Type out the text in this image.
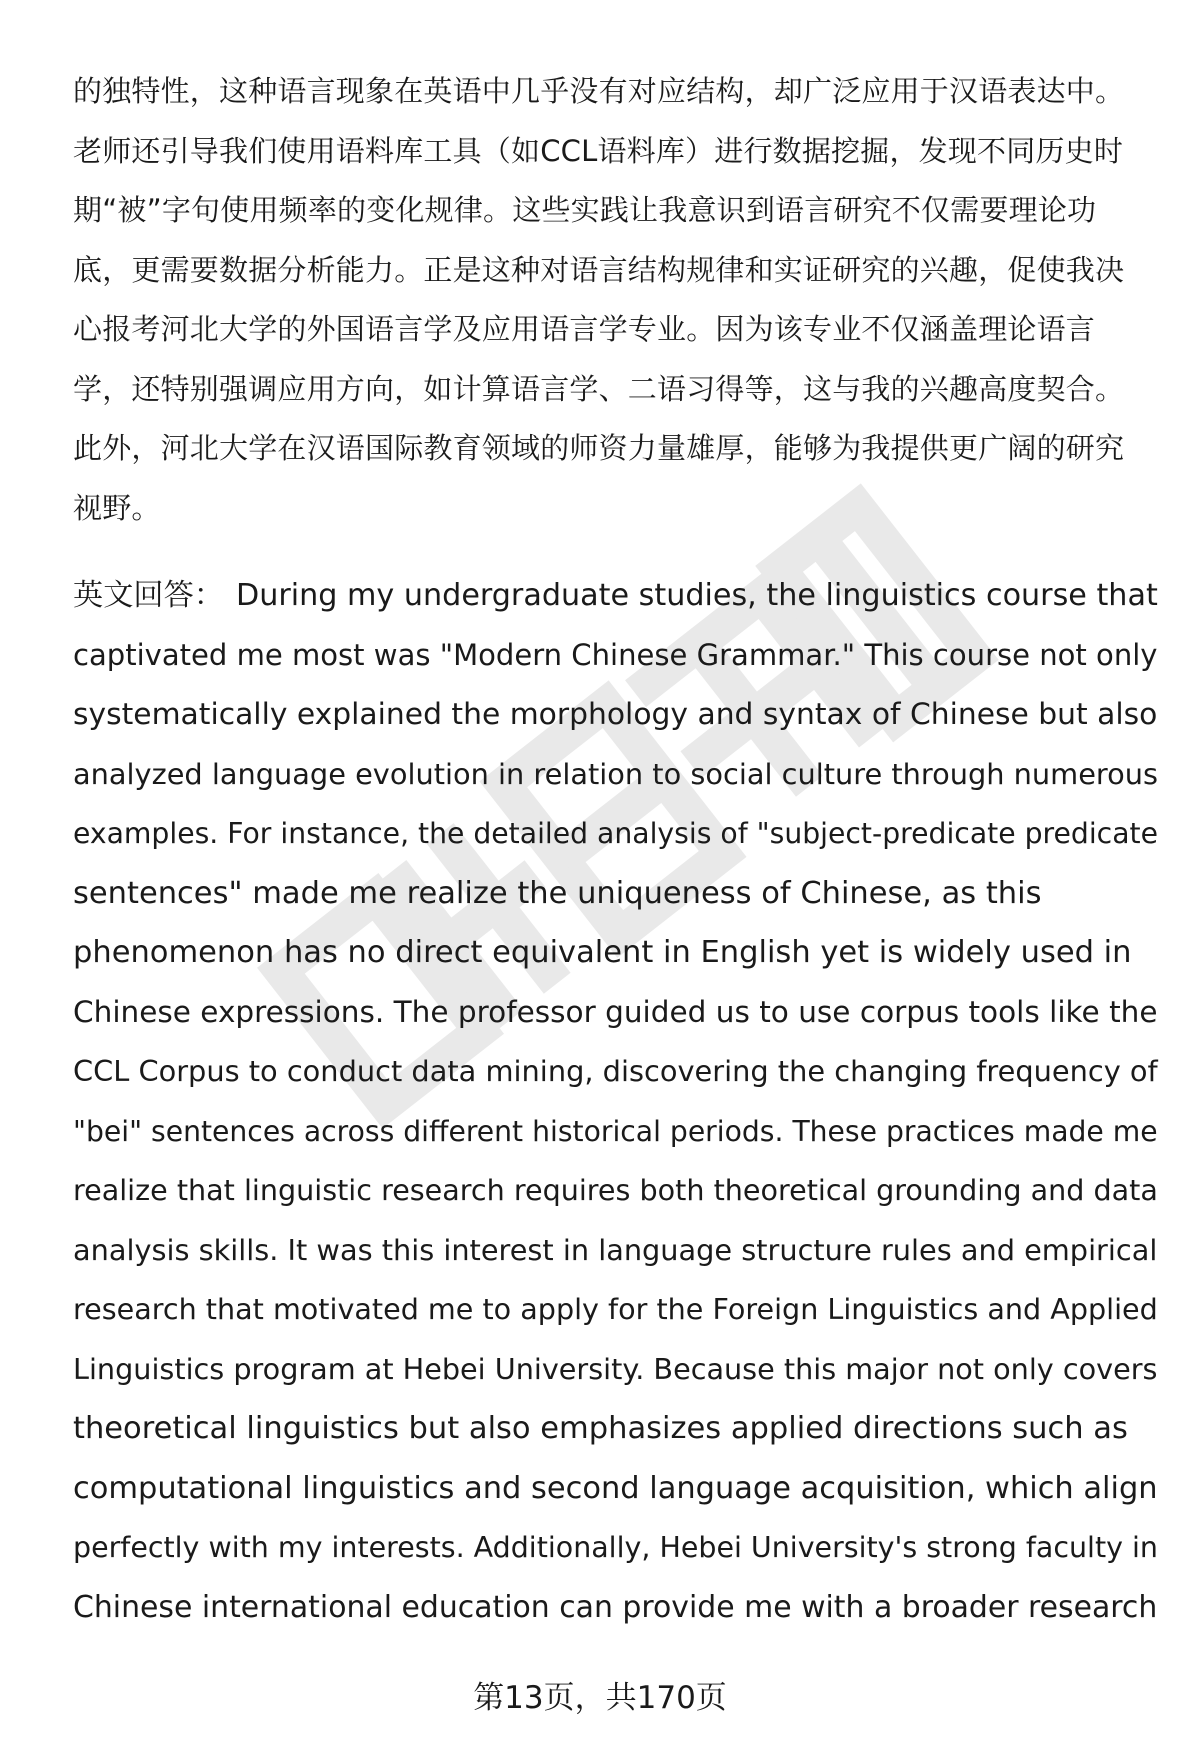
的独特性，这种语言现象在英语中几乎没有对应结构，却广泛应用于汉语表达中。
老师还引导我们使用语料库工具（如CCL语料库）进行数据挖掘，发现不同历史时
期“被”字句使用频率的变化规律。这些实践让我意识到语言研究不仅需要理论功
底，更需要数据分析能力。正是这种对语言结构规律和实证研究的兴趣，促使我决
心报考河北大学的外国语言学及应用语言学专业。因为该专业不仅涵盖理论语言
学，还特别强调应用方向，如计算语言学、二语习得等，这与我的兴趣高度契合。
此外，河北大学在汉语国际教育领域的师资力量雄厚，能够为我提供更广阔的研究
视野。
英文回答： During my undergraduate studies, the linguistics course that
captivated me most was "Modern Chinese Grammar." This course not only
systematically explained the morphology and syntax of Chinese but also
analyzed language evolution in relation to social culture through numerous
examples. For instance, the detailed analysis of "subject-predicate predicate
sentences" made me realize the uniqueness of Chinese, as this
phenomenon has no direct equivalent in English yet is widely used in
Chinese expressions. The professor guided us to use corpus tools like the
CCL Corpus to conduct data mining, discovering the changing frequency of
"bei" sentences across different historical periods. These practices made me
realize that linguistic research requires both theoretical grounding and data
analysis skills. It was this interest in language structure rules and empirical
research that motivated me to apply for the Foreign Linguistics and Applied
Linguistics program at Hebei University. Because this major not only covers
theoretical linguistics but also emphasizes applied directions such as
computational linguistics and second language acquisition, which align
perfectly with my interests. Additionally, Hebei University's strong faculty in
Chinese international education can provide me with a broader research
第13页，共170页
